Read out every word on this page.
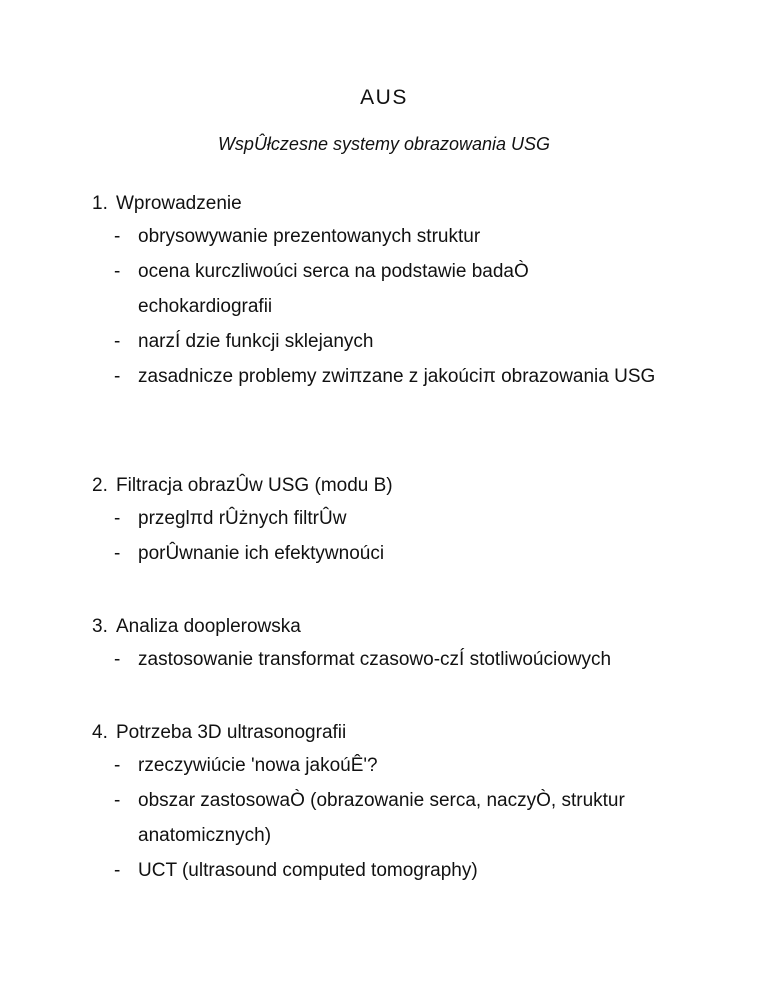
AUS
WspÛłczesne systemy obrazowania USG
1. Wprowadzenie
- obrysowywanie prezentowanych struktur
- ocena kurczliwoúci serca na podstawie badaÒ echokardiografii
- narzÍ dzie funkcji sklejanych
- zasadnicze problemy zwiπzane z jakoúciπ obrazowania USG
2. Filtracja obrazÛw USG (modu B)
- przeglπd rÛżnych filtrÛw
- porÛwnanie ich efektywnoúci
3. Analiza dooplerowska
- zastosowanie transformat czasowo-czÍ stotliwoúciowych
4. Potrzeba 3D ultrasonografii
- rzeczywiúcie 'nowa jakoúÊ'?
- obszar zastosowaÒ (obrazowanie serca, naczyÒ, struktur anatomicznych)
- UCT (ultrasound computed tomography)
